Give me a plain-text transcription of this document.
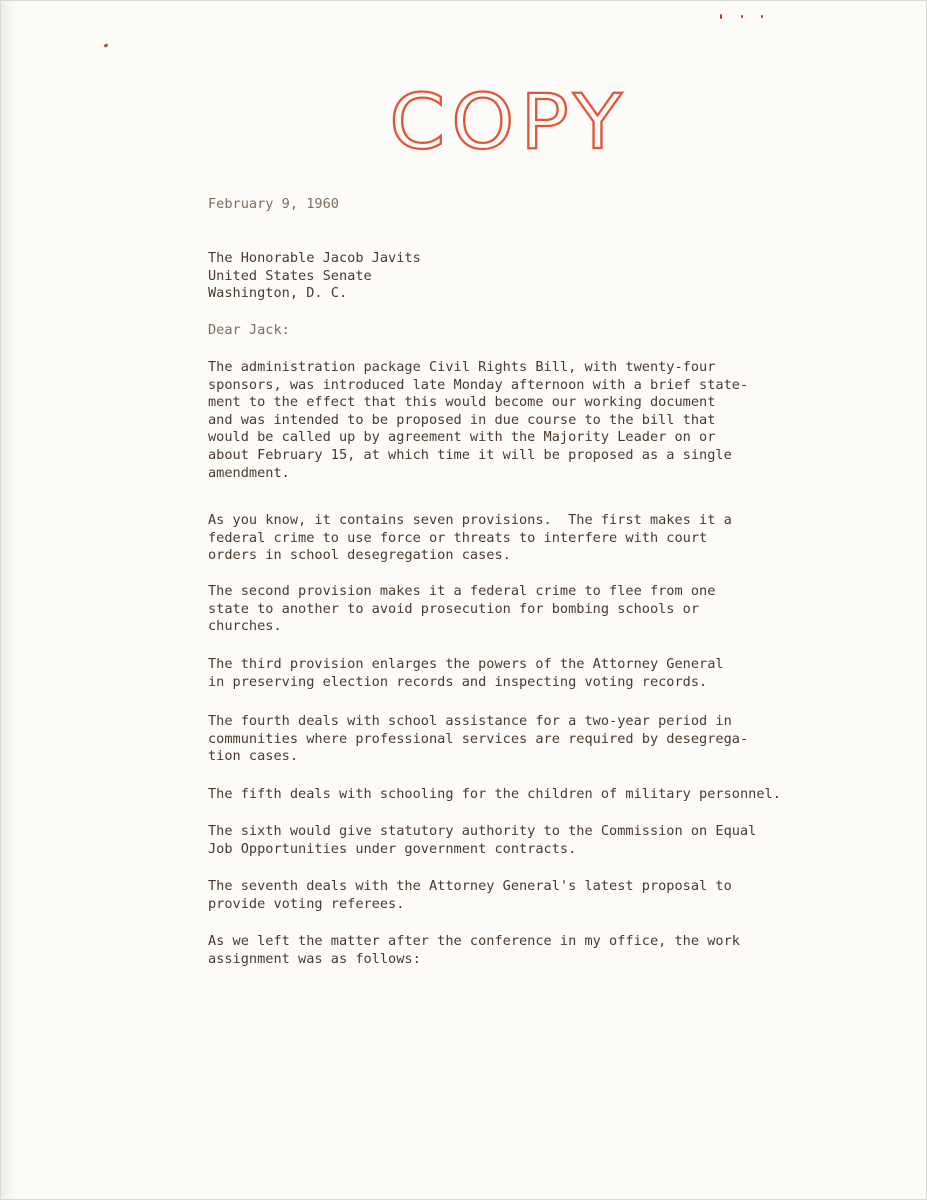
COPY
February 9, 1960
The Honorable Jacob Javits
United States Senate
Washington, D. C.
Dear Jack:
The administration package Civil Rights Bill, with twenty-four
sponsors, was introduced late Monday afternoon with a brief state-
ment to the effect that this would become our working document
and was intended to be proposed in due course to the bill that
would be called up by agreement with the Majority Leader on or
about February 15, at which time it will be proposed as a single
amendment.
As you know, it contains seven provisions.  The first makes it a
federal crime to use force or threats to interfere with court
orders in school desegregation cases.
The second provision makes it a federal crime to flee from one
state to another to avoid prosecution for bombing schools or
churches.
The third provision enlarges the powers of the Attorney General
in preserving election records and inspecting voting records.
The fourth deals with school assistance for a two-year period in
communities where professional services are required by desegrega-
tion cases.
The fifth deals with schooling for the children of military personnel.
The sixth would give statutory authority to the Commission on Equal
Job Opportunities under government contracts.
The seventh deals with the Attorney General's latest proposal to
provide voting referees.
As we left the matter after the conference in my office, the work
assignment was as follows:
